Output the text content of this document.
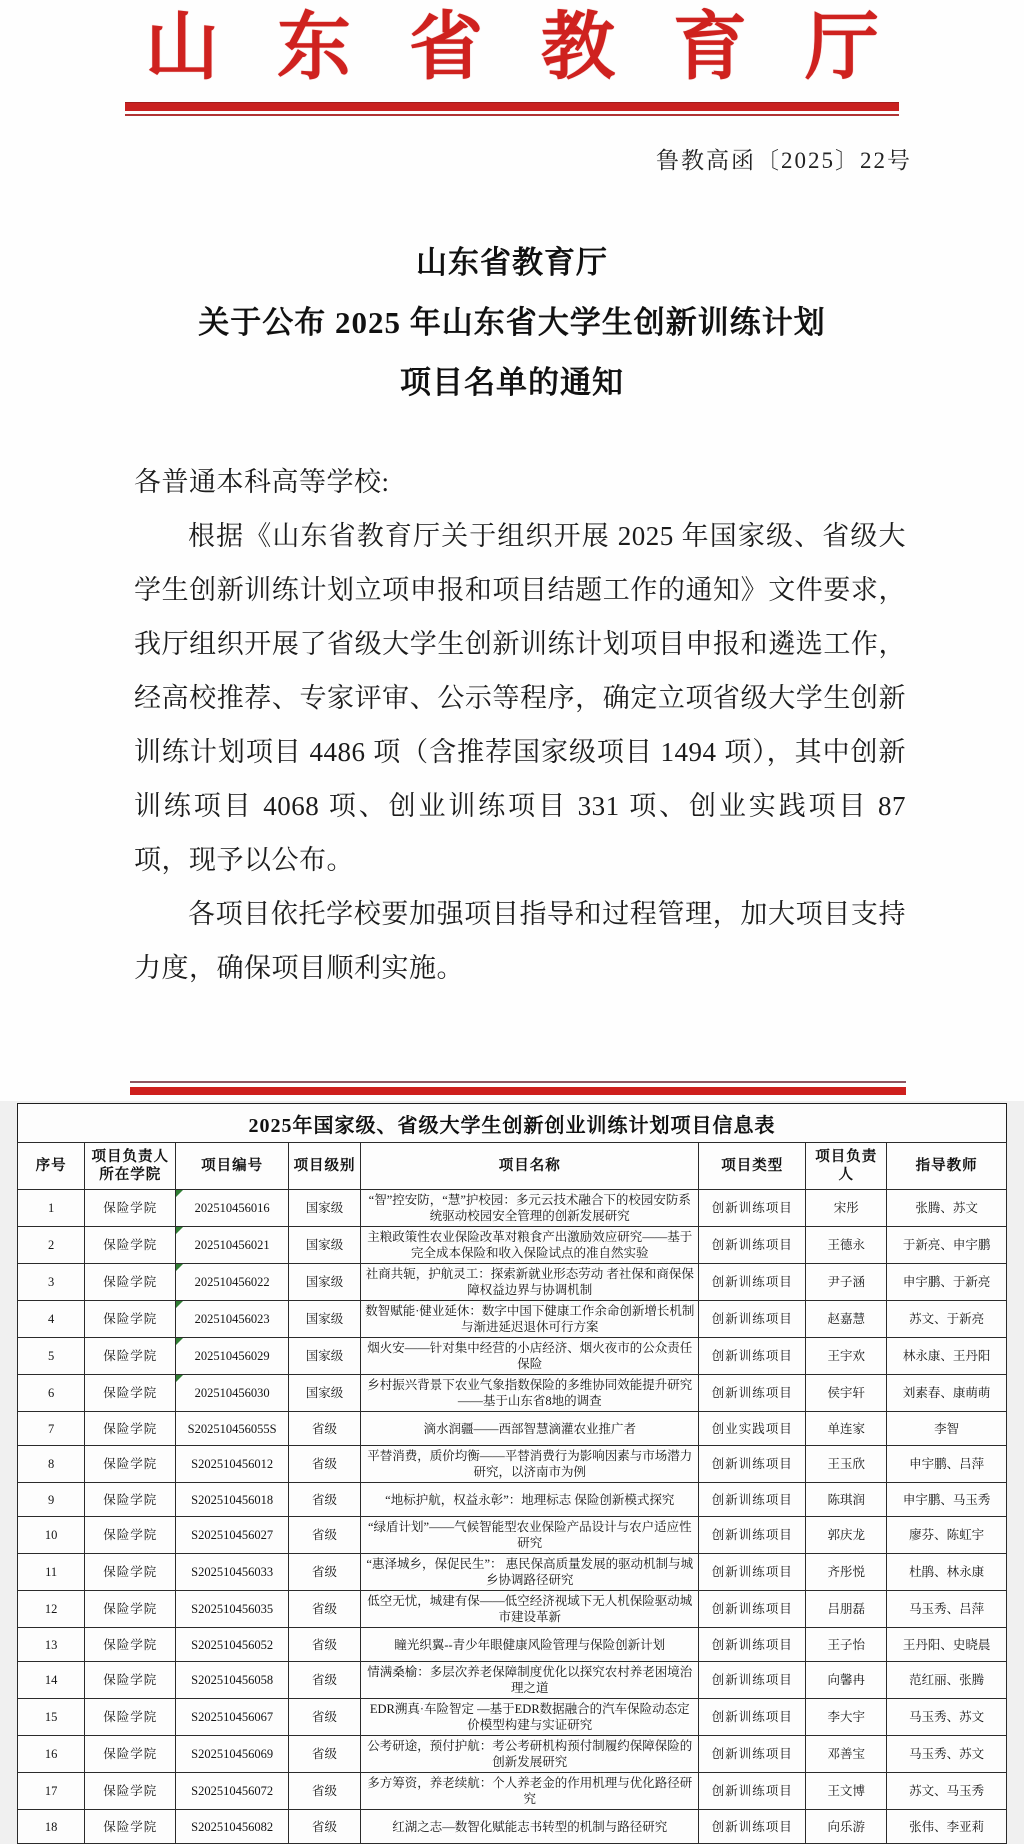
山东省教育厅
鲁教高函〔2025〕22号
山东省教育厅
关于公布 2025 年山东省大学生创新训练计划
项目名单的通知
各普通本科高等学校:

根据《山东省教育厅关于组织开展 2025 年国家级、省级大学生创新训练计划立项申报和项目结题工作的通知》文件要求，我厅组织开展了省级大学生创新训练计划项目申报和遴选工作，经高校推荐、专家评审、公示等程序，确定立项省级大学生创新训练计划项目 4486 项（含推荐国家级项目 1494 项），其中创新训练项目 4068 项、创业训练项目 331 项、创业实践项目 87 项，现予以公布。

各项目依托学校要加强项目指导和过程管理，加大项目支持力度，确保项目顺利实施。

2025年国家级、省级大学生创新创业训练计划项目信息表
序号	项目负责人所在学院	项目编号	项目级别	项目名称	项目类型	项目负责人	指导教师
1	保险学院	202510456016	国家级	“智”控安防，“慧”护校园：多元云技术融合下的校园安防系统驱动校园安全管理的创新发展研究	创新训练项目	宋彤	张腾、苏文
2	保险学院	202510456021	国家级	主粮政策性农业保险改革对粮食产出激励效应研究——基于完全成本保险和收入保险试点的准自然实验	创新训练项目	王德永	于新亮、申宇鹏
3	保险学院	202510456022	国家级	社商共轭，护航灵工：探索新就业形态劳动 者社保和商保保障权益边界与协调机制	创新训练项目	尹子涵	申宇鹏、于新亮
4	保险学院	202510456023	国家级	数智赋能·健业延休：数字中国下健康工作余命创新增长机制与渐进延迟退休可行方案	创新训练项目	赵嘉慧	苏文、于新亮
5	保险学院	202510456029	国家级	烟火安——针对集中经营的小店经济、烟火夜市的公众责任保险	创新训练项目	王宇欢	林永康、王丹阳
6	保险学院	202510456030	国家级	乡村振兴背景下农业气象指数保险的多维协同效能提升研究——基于山东省8地的调查	创新训练项目	侯宇轩	刘素春、康萌萌
7	保险学院	S202510456055S	省级	滴水润疆——西部智慧滴灌农业推广者	创业实践项目	单连家	李智
8	保险学院	S202510456012	省级	平替消费，质价均衡——平替消费行为影响因素与市场潜力研究，以济南市为例	创新训练项目	王玉欣	申宇鹏、吕萍
9	保险学院	S202510456018	省级	“地标护航，权益永彰”：地理标志 保险创新模式探究	创新训练项目	陈琪润	申宇鹏、马玉秀
10	保险学院	S202510456027	省级	“绿盾计划”——气候智能型农业保险产品设计与农户适应性研究	创新训练项目	郭庆龙	廖芬、陈虹宇
11	保险学院	S202510456033	省级	“惠泽城乡，保促民生”： 惠民保高质量发展的驱动机制与城乡协调路径研究	创新训练项目	齐彤悦	杜鹃、林永康
12	保险学院	S202510456035	省级	低空无忧，城建有保——低空经济视域下无人机保险驱动城市建设革新	创新训练项目	吕朋磊	马玉秀、吕萍
13	保险学院	S202510456052	省级	瞳光织翼--青少年眼健康风险管理与保险创新计划	创新训练项目	王子怡	王丹阳、史晓晨
14	保险学院	S202510456058	省级	情满桑榆：多层次养老保障制度优化以探究农村养老困境治理之道	创新训练项目	向馨冉	范红丽、张腾
15	保险学院	S202510456067	省级	EDR溯真·车险智定 —基于EDR数据融合的汽车保险动态定价模型构建与实证研究	创新训练项目	李大宇	马玉秀、苏文
16	保险学院	S202510456069	省级	公考研途，预付护航：考公考研机构预付制履约保障保险的创新发展研究	创新训练项目	邓善宝	马玉秀、苏文
17	保险学院	S202510456072	省级	多方筹资，养老续航：个人养老金的作用机理与优化路径研究	创新训练项目	王文博	苏文、马玉秀
18	保险学院	S202510456082	省级	红湖之志—数智化赋能志书转型的机制与路径研究	创新训练项目	向乐游	张伟、李亚莉
